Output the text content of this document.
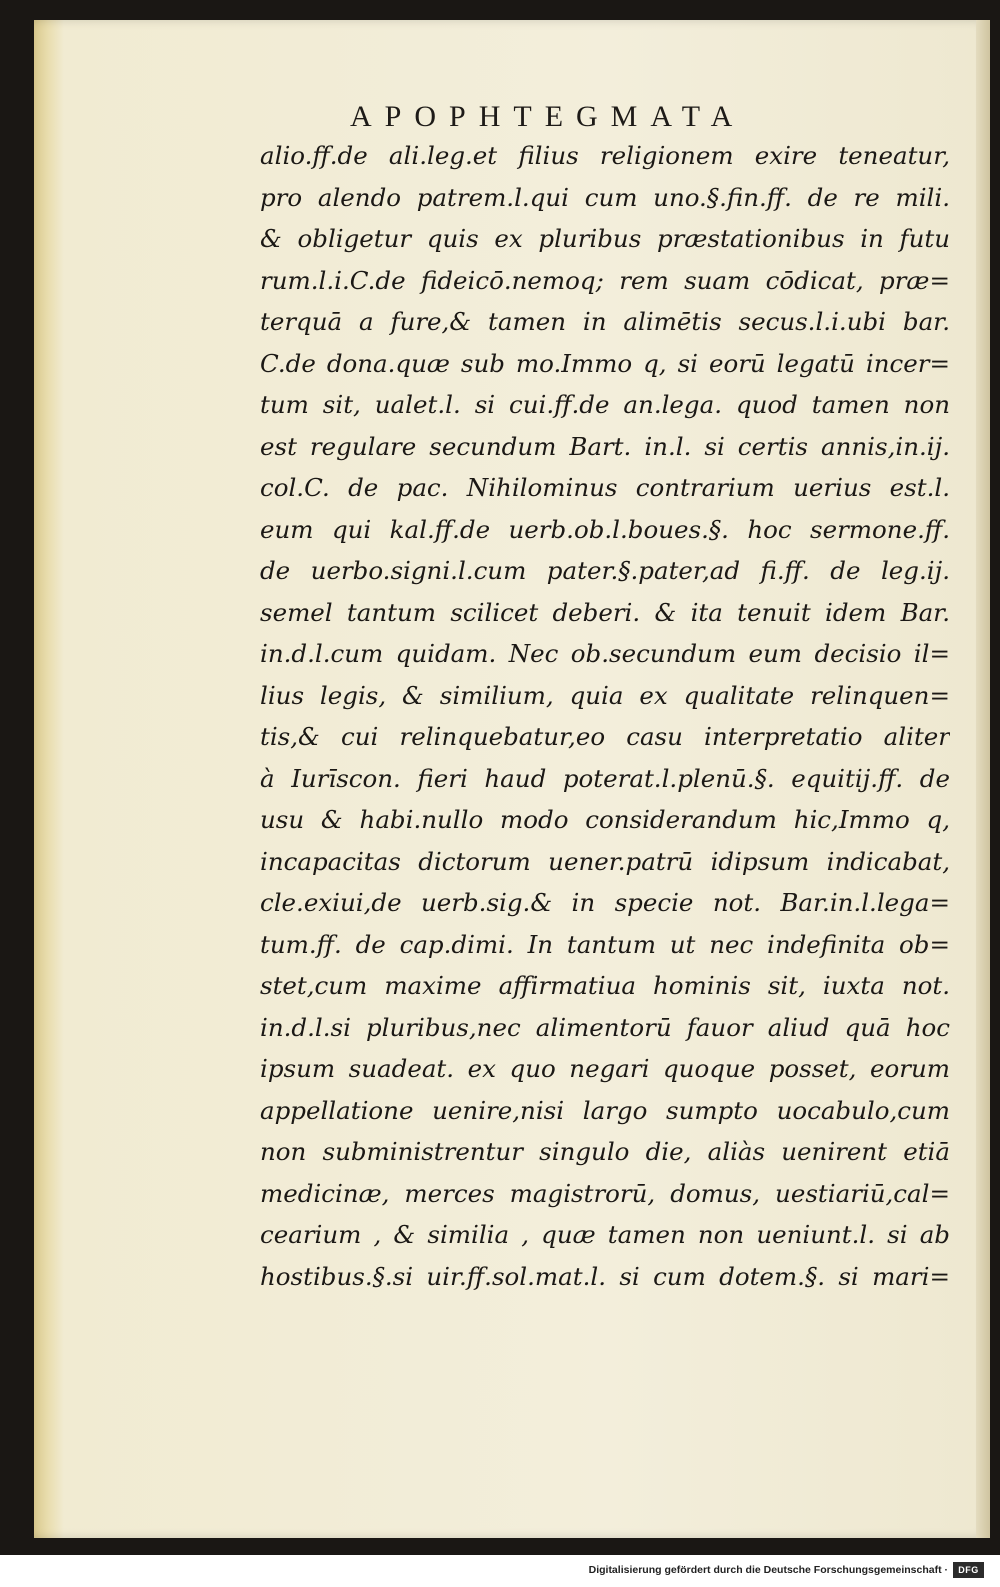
APOPHTEGMATA
alio.ff.de ali.leg.et filius religionem exire teneatur,
pro alendo patrem.l.qui cum uno.§.fin.ff. de re mili.
& obligetur quis ex pluribus præstationibus in futu
rum.l.i.C.de fideicō.nemoq; rem suam cōdicat, præ=
terquā a fure,& tamen in alimētis secus.l.i.ubi bar.
C.de dona.quæ sub mo.Immo q, si eorū legatū incer=
tum sit, ualet.l. si cui.ff.de an.lega. quod tamen non
est regulare secundum Bart. in.l. si certis annis,in.ij.
col.C. de pac. Nihilominus contrarium uerius est.l.
eum qui kal.ff.de uerb.ob.l.boues.§. hoc sermone.ff.
de uerbo.signi.l.cum pater.§.pater,ad fi.ff. de leg.ij.
semel tantum scilicet deberi. & ita tenuit idem Bar.
in.d.l.cum quidam. Nec ob.secundum eum decisio il=
lius legis, & similium, quia ex qualitate relinquen=
tis,& cui relinquebatur,eo casu interpretatio aliter
à Iurīscon. fieri haud poterat.l.plenū.§. equitij.ff. de
usu & habi.nullo modo considerandum hic,Immo q,
incapacitas dictorum uener.patrū idipsum indicabat,
cle.exiui,de uerb.sig.& in specie not. Bar.in.l.lega=
tum.ff. de cap.dimi. In tantum ut nec indefinita ob=
stet,cum maxime affirmatiua hominis sit, iuxta not.
in.d.l.si pluribus,nec alimentorū fauor aliud quā hoc
ipsum suadeat. ex quo negari quoque posset, eorum
appellatione uenire,nisi largo sumpto uocabulo,cum
non subministrentur singulo die, aliàs uenirent etiā
medicinæ, merces magistrorū, domus, uestiariū,cal=
cearium , & similia , quæ tamen non ueniunt.l. si ab
hostibus.§.si uir.ff.sol.mat.l. si cum dotem.§. si mari=
Digitalisierung gefördert durch die Deutsche Forschungsgemeinschaft ·	DFG
